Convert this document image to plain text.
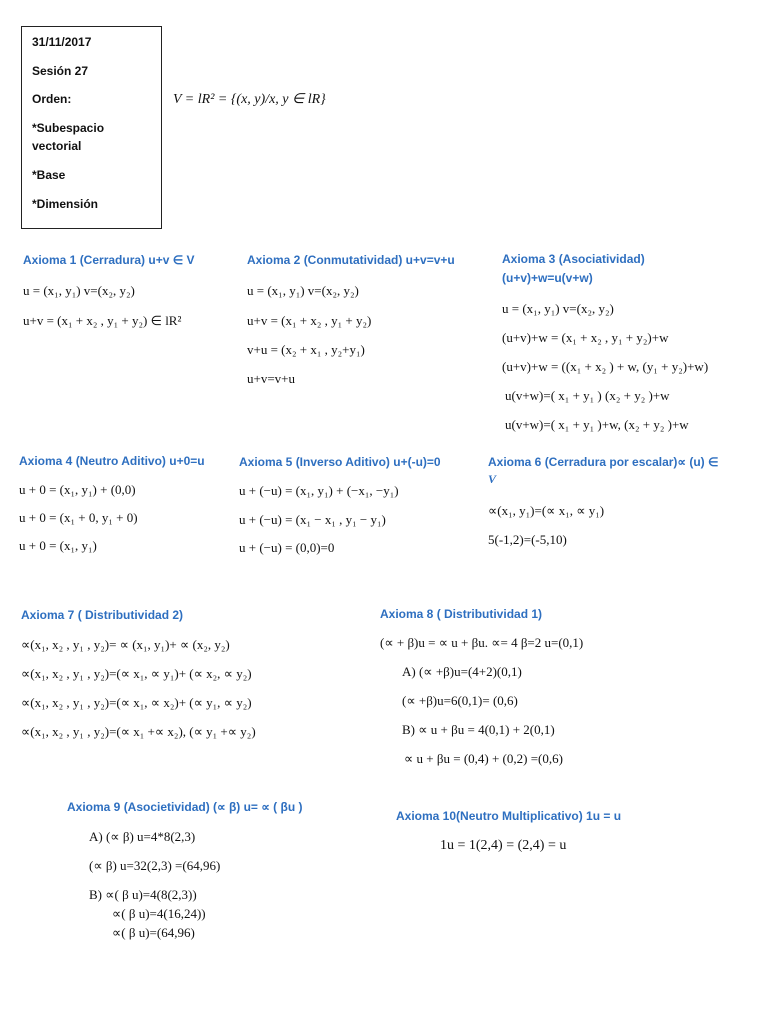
31/11/2017
Sesión 27
Orden:
*Subespacio
vectorial
*Base
*Dimensión
V = lR² = {(x, y)/x, y ∈ lR}
Axioma 1 (Cerradura) u+v ∈ V
u = (x₁, y₁) v=(x₂, y₂)
u+v = (x₁ + x₂ , y₁ + y₂) ∈ lR²
Axioma 2 (Conmutatividad) u+v=v+u
u = (x₁, y₁) v=(x₂, y₂)
u+v = (x₁ + x₂ , y₁ + y₂)
v+u = (x₂ + x₁ , y₂+y₁)
u+v=v+u
Axioma 3 (Asociatividad)
(u+v)+w=u(v+w)
u = (x₁, y₁) v=(x₂, y₂)
(u+v)+w = (x₁ + x₂ , y₁ + y₂)+w
(u+v)+w = ((x₁ + x₂ ) + w, (y₁ + y₂)+w)
u(v+w)=( x₁ + y₁ ) (x₂ + y₂ )+w
u(v+w)=( x₁ + y₁ )+w, (x₂ + y₂ )+w
Axioma 4 (Neutro Aditivo) u+0=u
u + 0 = (x₁, y₁) + (0,0)
u + 0 = (x₁ + 0, y₁ + 0)
u + 0 = (x₁, y₁)
Axioma 5 (Inverso Aditivo) u+(-u)=0
u + (−u) = (x₁, y₁) + (−x₁, −y₁)
u + (−u) = (x₁ − x₁ , y₁ − y₁)
u + (−u) = (0,0)=0
Axioma 6 (Cerradura por escalar)∝ (u) ∈
V
∝(x₁, y₁)=(∝ x₁, ∝ y₁)
5(-1,2)=(-5,10)
Axioma 7 ( Distributividad 2)
∝(x₁, x₂ , y₁ , y₂)= ∝ (x₁, y₁)+ ∝ (x₂, y₂)
∝(x₁, x₂ , y₁ , y₂)=(∝ x₁, ∝ y₁)+ (∝ x₂, ∝ y₂)
∝(x₁, x₂ , y₁ , y₂)=(∝ x₁, ∝ x₂)+ (∝ y₁, ∝ y₂)
∝(x₁, x₂ , y₁ , y₂)=(∝ x₁ +∝ x₂), (∝ y₁ +∝ y₂)
Axioma 8 ( Distributividad 1)
(∝ + β)u = ∝ u + βu. ∝= 4 β=2 u=(0,1)
A) (∝ +β)u=(4+2)(0,1)
(∝ +β)u=6(0,1)= (0,6)
B) ∝ u + βu = 4(0,1) + 2(0,1)
∝ u + βu = (0,4) + (0,2) =(0,6)
Axioma 9 (Asocietividad) (∝ β) u= ∝ ( βu )
A) (∝ β) u=4*8(2,3)
(∝ β) u=32(2,3) =(64,96)
B) ∝( β u)=4(8(2,3))
∝( β u)=4(16,24))
∝( β u)=(64,96)
Axioma 10(Neutro Multiplicativo) 1u = u
1u = 1(2,4) = (2,4) = u
